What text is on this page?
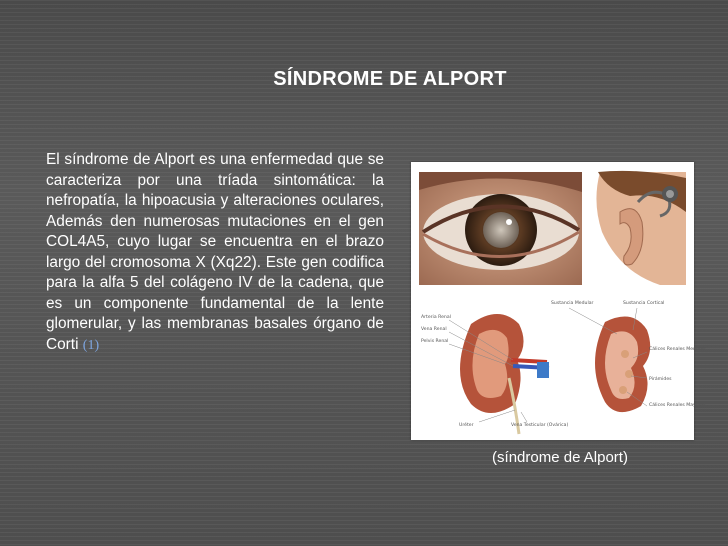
SÍNDROME DE ALPORT
El síndrome de Alport es una enfermedad que se caracteriza por una tríada sintomática: la nefropatía, la hipoacusia y alteraciones oculares, Además den numerosas mutaciones en el gen COL4A5, cuyo lugar se encuentra en el brazo largo del cromosoma X (Xq22). Este gen codifica para la alfa 5 del colágeno IV de la cadena, que es un componente fundamental de la lente glomerular, y las membranas basales órgano de Corti (1)
Arteria Renal
Vena Renal
Pelvis Renal
Uréter	Vena Testicular (Ovárica)
Sustancia Medular	Sustancia Cortical
Cálices Renales Menores
Pirámides
Cálices Renales Mayores
(síndrome de Alport)
